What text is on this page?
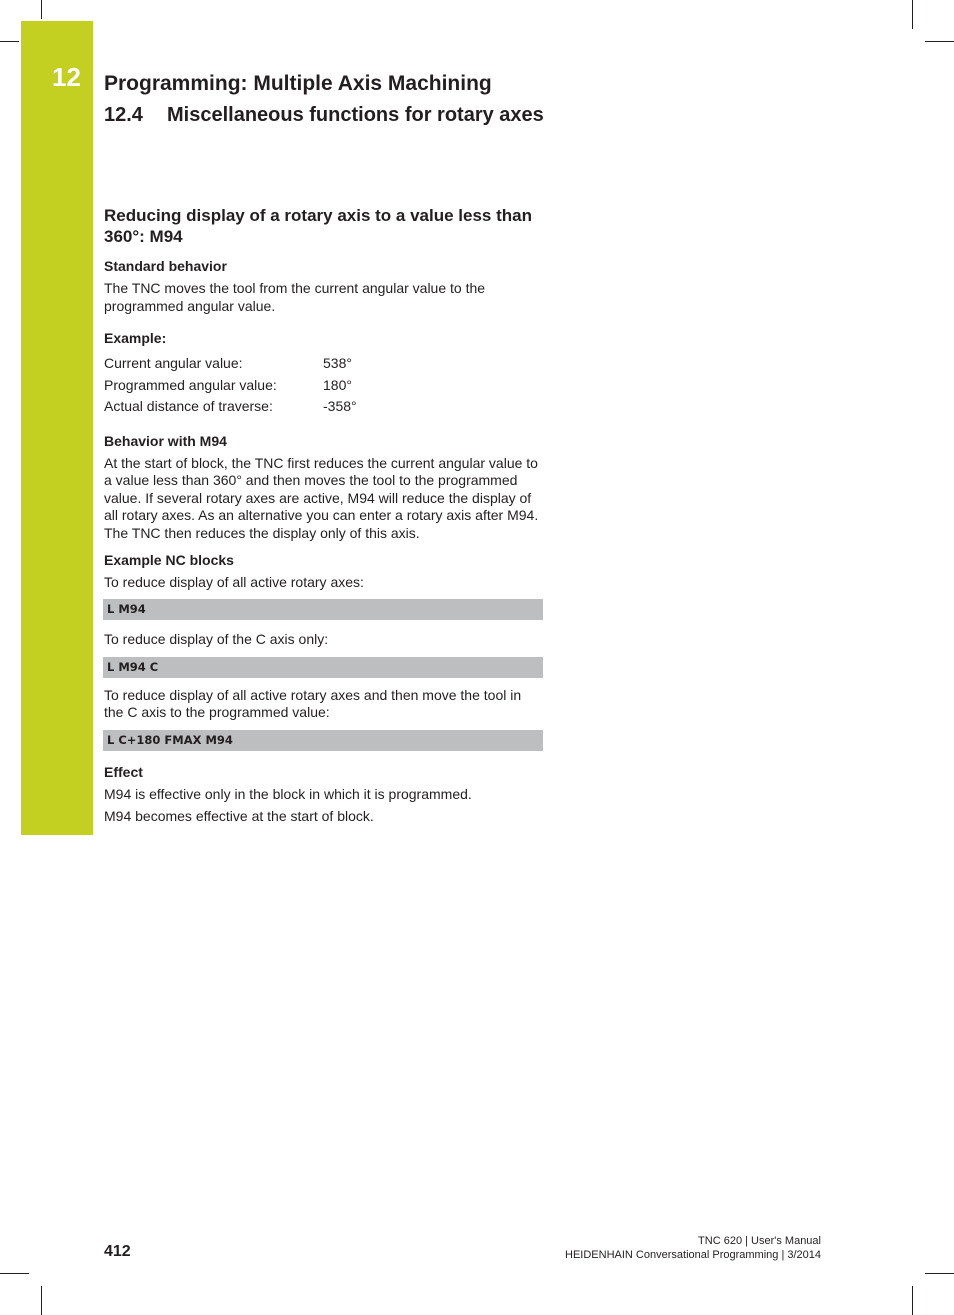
12 Programming: Multiple Axis Machining
12.4 Miscellaneous functions for rotary axes
Reducing display of a rotary axis to a value less than 360°: M94
Standard behavior

The TNC moves the tool from the current angular value to the programmed angular value.

Example:
Current angular value:	538°
Programmed angular value:	180°
Actual distance of traverse:	-358°
Behavior with M94

At the start of block, the TNC first reduces the current angular value to a value less than 360° and then moves the tool to the programmed value. If several rotary axes are active, M94 will reduce the display of all rotary axes. As an alternative you can enter a rotary axis after M94. The TNC then reduces the display only of this axis.

Example NC blocks

To reduce display of all active rotary axes:

L M94

To reduce display of the C axis only:

L M94 C

To reduce display of all active rotary axes and then move the tool in the C axis to the programmed value:

L C+180 FMAX M94
Effect

M94 is effective only in the block in which it is programmed.

M94 becomes effective at the start of block.

412
TNC 620 | User's Manual
HEIDENHAIN Conversational Programming | 3/2014
